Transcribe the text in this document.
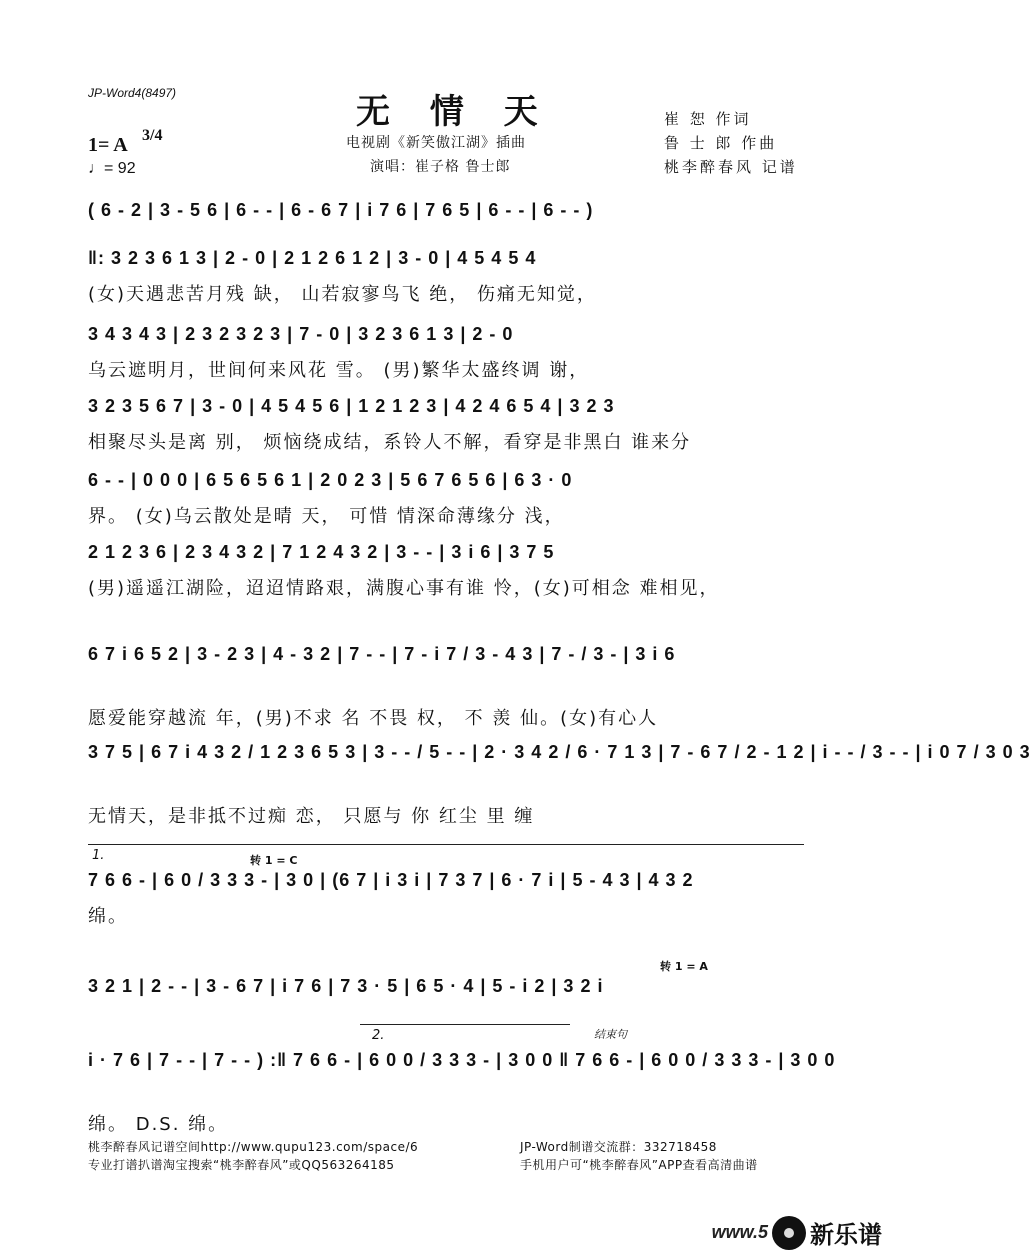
JP-Word4(8497)	无 情 天
电视剧《新笑傲江湖》插曲
演唱：崔子格 鲁士郎
崔 恕 作词
鲁 士 郎 作曲
桃李醉春风 记谱
1= A 3/4
♩= 92
( 6 - 2 | 3 - 5 6 | 6 - - | 6 - 6 7 | i 7 6 | 7 6 5 | 6 - - | 6 - - )
‖: 3 2 3 6 1 3 | 2 - 0 | 2 1 2 6 1 2 | 3 - 0 | 4 5 4 5 4
(女)天遇悲苦月残 缺， 山若寂寥鸟飞 绝， 伤痛无知觉，
3 4 3 4 3 | 2 3 2 3 2 3 | 7 - 0 | 3 2 3 6 1 3 | 2 - 0
乌云遮明月，世间何来风花 雪。 (男)繁华太盛终调 谢，
3 2 3 5 6 7 | 3 - 0 | 4 5 4 5 6 | 1 2 1 2 3 | 4 2 4 6 5 4 | 3 2 3
相聚尽头是离 别， 烦恼绕成结，系铃人不解，看穿是非黑白 谁来分
6 - - | 0 0 0 | 6 5 6 5 6 1 | 2 0 2 3 | 5 6 7 6 5 6 | 6 3 · 0
界。 (女)乌云散处是晴 天， 可惜 情深命薄缘分 浅，
2 1 2 3 6 | 2 3 4 3 2 | 7 1 2 4 3 2 | 3 - - | 3 i 6 | 3 7 5
(男)遥遥江湖险，迢迢情路艰，满腹心事有谁 怜，(女)可相念 难相见，
6 7 i 6 5 2 | 3 - 2 3 | 4 - 3 2 | 7 - - | 7 - i 7 / 3 - 4 3 | 7 - / 3 - | 3 i 6
愿爱能穿越流 年，(男)不求 名 不畏 权， 不 羡 仙。(女)有心人
3 7 5 | 6 7 i 4 3 2 / 1 2 3 6 5 3 | 3 - - / 5 - - | 2 · 3 4 2 / 6 · 7 1 3 | 7 - 6 7 / 2 - 1 2 | i - - / 3 - - | i 0 7 / 3 0 3
无情天，是非抵不过痴 恋， 只愿与 你 红尘 里 缠
7 6 6 - | 6 0 / 3 3 3 - | 3 0 | (6 7 | i 3 i | 7 3 7 | 6 · 7 i | 5 - 4 3 | 4 3 2
绵。
1.	转 1 = C
3 2 1 | 2 - - | 3 - 6 7 | i 7 6 | 7 3 · 5 | 6 5 · 4 | 5 - i 2 | 3 2 i
转 1 = A
i · 7 6 | 7 - - | 7 - - ) :‖ 7 6 6 - | 6 0 0 / 3 3 3 - | 3 0 0 ‖ 7 6 6 - | 6 0 0 / 3 3 3 - | 3 0 0
绵。 D.S. 绵。
2.	结束句
桃李醉春风记谱空间http://www.qupu123.com/space/6
专业打谱扒谱淘宝搜索“桃李醉春风”或QQ563264185
JP-Word制谱交流群：332718458
手机用户可“桃李醉春风”APP查看高清曲谱
www.5 新乐谱
